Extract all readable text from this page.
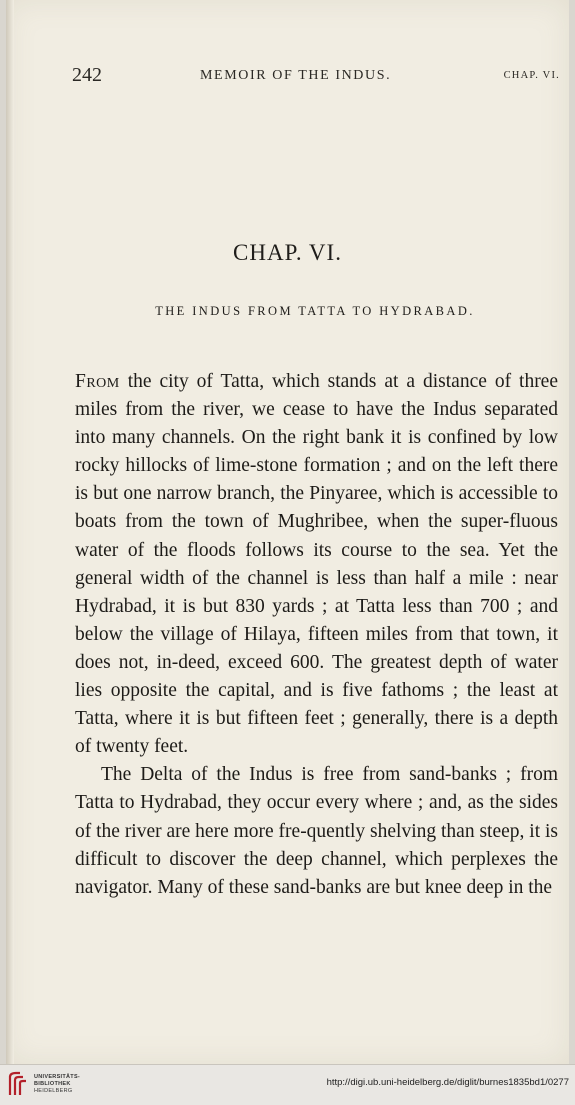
242	MEMOIR OF THE INDUS.	CHAP. VI.
CHAP. VI.
THE INDUS FROM TATTA TO HYDRABAD.

From the city of Tatta, which stands at a distance of three miles from the river, we cease to have the Indus separated into many channels. On the right bank it is confined by low rocky hillocks of lime-stone formation ; and on the left there is but one narrow branch, the Pinyaree, which is accessible to boats from the town of Mughribee, when the super-fluous water of the floods follows its course to the sea. Yet the general width of the channel is less than half a mile : near Hydrabad, it is but 830 yards ; at Tatta less than 700 ; and below the village of Hilaya, fifteen miles from that town, it does not, in-deed, exceed 600. The greatest depth of water lies opposite the capital, and is five fathoms ; the least at Tatta, where it is but fifteen feet ; generally, there is a depth of twenty feet.

The Delta of the Indus is free from sand-banks ; from Tatta to Hydrabad, they occur every where ; and, as the sides of the river are here more fre-quently shelving than steep, it is difficult to discover the deep channel, which perplexes the navigator. Many of these sand-banks are but knee deep in the

UNIVERSITÄTS-
BIBLIOTHEK
HEIDELBERG
http://digi.ub.uni-heidelberg.de/diglit/burnes1835bd1/0277
